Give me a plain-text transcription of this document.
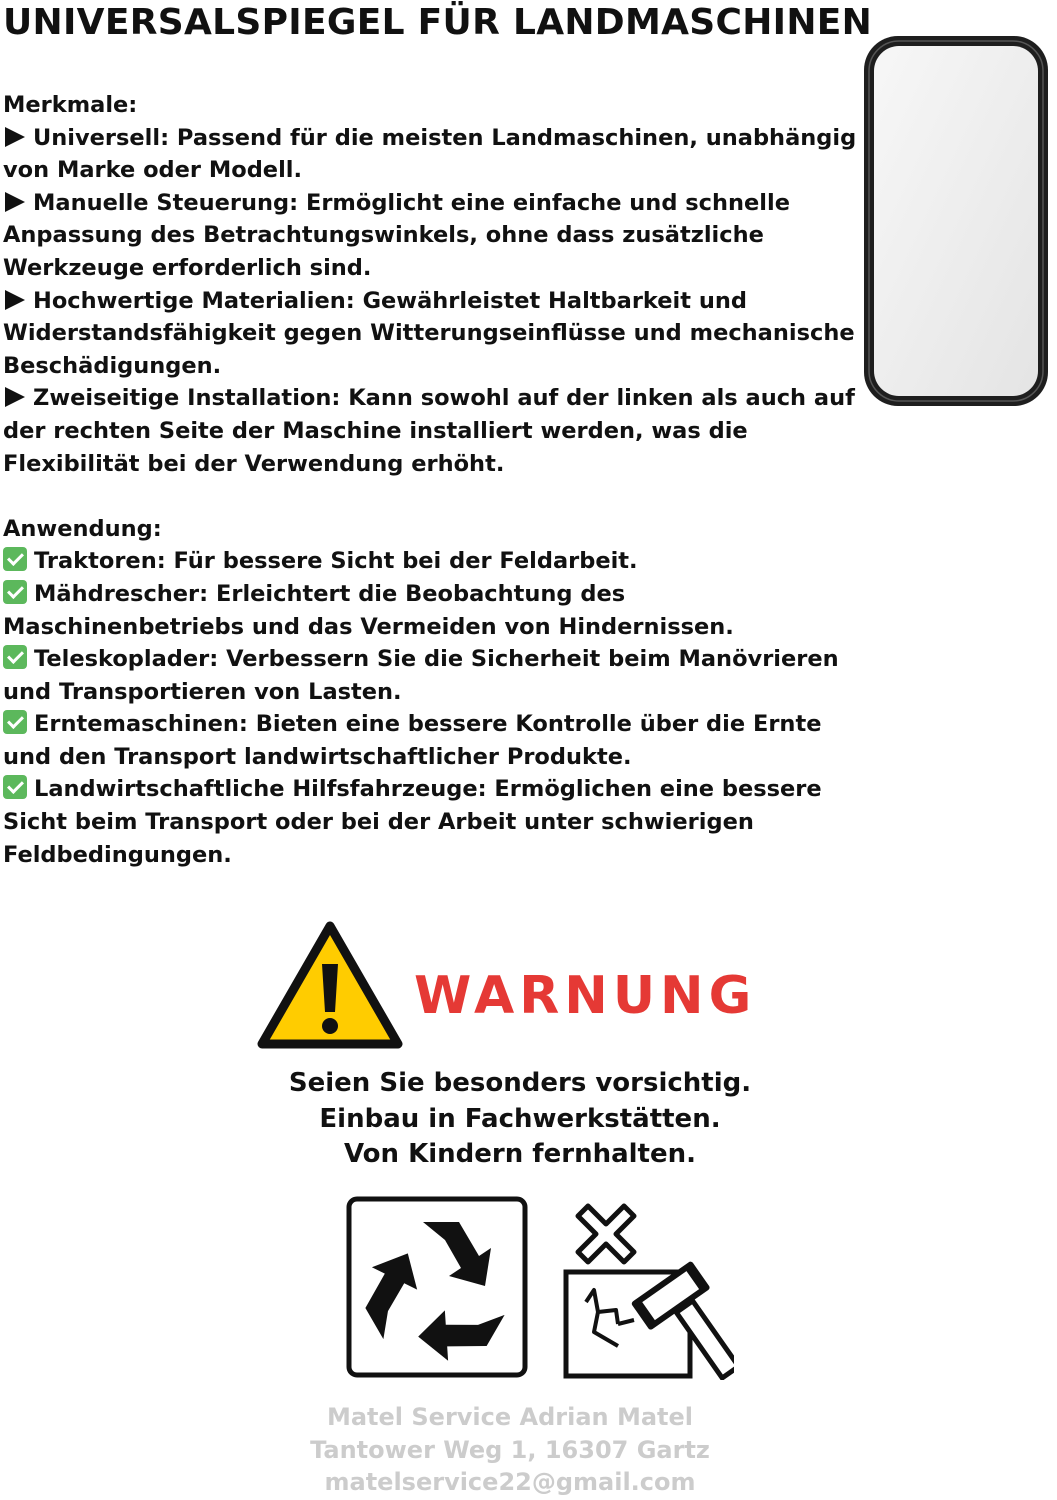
UNIVERSALSPIEGEL FÜR LANDMASCHINEN

Merkmale:

Universell: Passend für die meisten Landmaschinen, unabhängig von Marke oder Modell.

Manuelle Steuerung: Ermöglicht eine einfache und schnelle Anpassung des Betrachtungswinkels, ohne dass zusätzliche Werkzeuge erforderlich sind.

Hochwertige Materialien: Gewährleistet Haltbarkeit und Widerstandsfähigkeit gegen Witterungseinflüsse und mechanische Beschädigungen.

Zweiseitige Installation: Kann sowohl auf der linken als auch auf der rechten Seite der Maschine installiert werden, was die Flexibilität bei der Verwendung erhöht.

Anwendung:

Traktoren: Für bessere Sicht bei der Feldarbeit.

Mähdrescher: Erleichtert die Beobachtung des Maschinenbetriebs und das Vermeiden von Hindernissen.

Teleskoplader: Verbessern Sie die Sicherheit beim Manövrieren und Transportieren von Lasten.

Erntemaschinen: Bieten eine bessere Kontrolle über die Ernte und den Transport landwirtschaftlicher Produkte.

Landwirtschaftliche Hilfsfahrzeuge: Ermöglichen eine bessere Sicht beim Transport oder bei der Arbeit unter schwierigen Feldbedingungen.

WARNUNG
Seien Sie besonders vorsichtig.
Einbau in Fachwerkstätten.
Von Kindern fernhalten.
Matel Service Adrian Matel
Tantower Weg 1, 16307 Gartz
matelservice22@gmail.com
